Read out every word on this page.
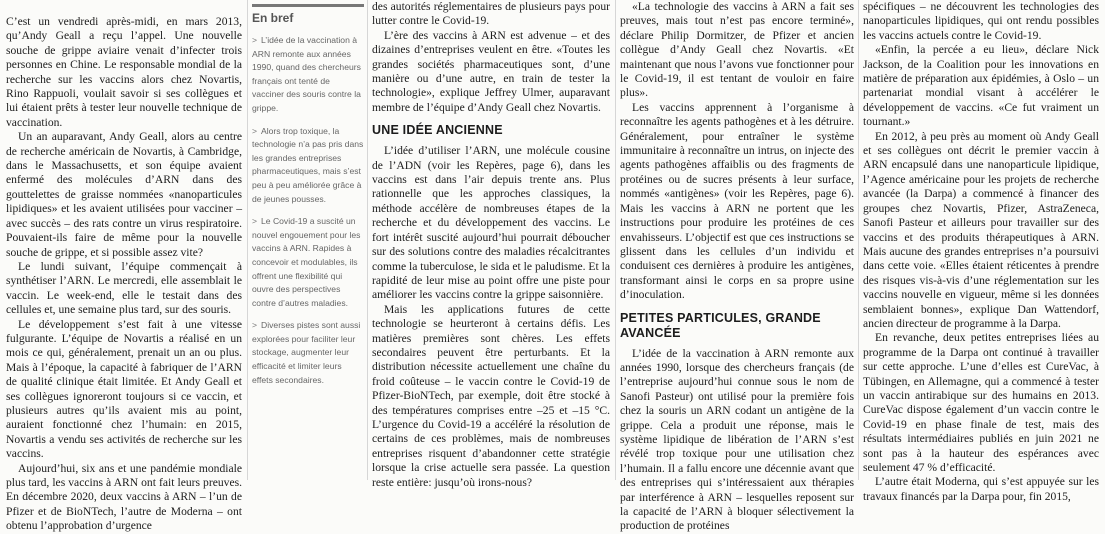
C’est un vendredi après-midi, en mars 2013, qu’Andy Geall a reçu l’appel. Une nouvelle souche de grippe aviaire venait d’infecter trois personnes en Chine. Le responsable mondial de la recherche sur les vaccins alors chez Novartis, Rino Rappuoli, voulait savoir si ses collègues et lui étaient prêts à tester leur nouvelle technique de vaccination.

Un an auparavant, Andy Geall, alors au centre de recherche américain de Novartis, à Cambridge, dans le Massachusetts, et son équipe avaient enfermé des molécules d’ARN dans des gouttelettes de graisse nommées «nanoparticules lipidiques» et les avaient utilisées pour vacciner – avec succès – des rats contre un virus respiratoire. Pouvaient-ils faire de même pour la nouvelle souche de grippe, et si possible assez vite?

Le lundi suivant, l’équipe commençait à synthétiser l’ARN. Le mercredi, elle assemblait le vaccin. Le week-end, elle le testait dans des cellules et, une semaine plus tard, sur des souris.

Le développement s’est fait à une vitesse fulgurante. L’équipe de Novartis a réalisé en un mois ce qui, généralement, prenait un an ou plus. Mais à l’époque, la capacité à fabriquer de l’ARN de qualité clinique était limitée. Et Andy Geall et ses collègues ignoreront toujours si ce vaccin, et plusieurs autres qu’ils avaient mis au point, auraient fonctionné chez l’humain: en 2015, Novartis a vendu ses activités de recherche sur les vaccins.

Aujourd’hui, six ans et une pandémie mondiale plus tard, les vaccins à ARN ont fait leurs preuves. En décembre 2020, deux vaccins à ARN – l’un de Pfizer et de BioNTech, l’autre de Moderna – ont obtenu l’approbation d’urgence

En bref
> L’idée de la vaccination à ARN remonte aux années 1990, quand des chercheurs français ont tenté de vacciner des souris contre la grippe.
> Alors trop toxique, la technologie n’a pas pris dans les grandes entreprises pharmaceutiques, mais s’est peu à peu améliorée grâce à de jeunes pousses.
> Le Covid-19 a suscité un nouvel engouement pour les vaccins à ARN. Rapides à concevoir et modulables, ils offrent une flexibilité qui ouvre des perspectives contre d’autres maladies.
> Diverses pistes sont aussi explorées pour faciliter leur stockage, augmenter leur efficacité et limiter leurs effets secondaires.

des autorités réglementaires de plusieurs pays pour lutter contre le Covid-19.

L’ère des vaccins à ARN est advenue – et des dizaines d’entreprises veulent en être. «Toutes les grandes sociétés pharmaceutiques sont, d’une manière ou d’une autre, en train de tester la technologie», explique Jeffrey Ulmer, auparavant membre de l’équipe d’Andy Geall chez Novartis.

UNE IDÉE ANCIENNE

L’idée d’utiliser l’ARN, une molécule cousine de l’ADN (voir les Repères, page 6), dans les vaccins est dans l’air depuis trente ans. Plus rationnelle que les approches classiques, la méthode accélère de nombreuses étapes de la recherche et du développement des vaccins. Le fort intérêt suscité aujourd’hui pourrait déboucher sur des solutions contre des maladies récalcitrantes comme la tuberculose, le sida et le paludisme. Et la rapidité de leur mise au point offre une piste pour améliorer les vaccins contre la grippe saisonnière.

Mais les applications futures de cette technologie se heurteront à certains défis. Les matières premières sont chères. Les effets secondaires peuvent être perturbants. Et la distribution nécessite actuellement une chaîne du froid coûteuse – le vaccin contre le Covid-19 de Pfizer-BioNTech, par exemple, doit être stocké à des températures comprises entre –25 et –15 °C. L’urgence du Covid-19 a accéléré la résolution de certains de ces problèmes, mais de nombreuses entreprises risquent d’abandonner cette stratégie lorsque la crise actuelle sera passée. La question reste entière: jusqu’où irons-nous?

«La technologie des vaccins à ARN a fait ses preuves, mais tout n’est pas encore terminé», déclare Philip Dormitzer, de Pfizer et ancien collègue d’Andy Geall chez Novartis. «Et maintenant que nous l’avons vue fonctionner pour le Covid-19, il est tentant de vouloir en faire plus».

Les vaccins apprennent à l’organisme à reconnaître les agents pathogènes et à les détruire. Généralement, pour entraîner le système immunitaire à reconnaître un intrus, on injecte des agents pathogènes affaiblis ou des fragments de protéines ou de sucres présents à leur surface, nommés «antigènes» (voir les Repères, page 6). Mais les vaccins à ARN ne portent que les instructions pour produire les protéines de ces envahisseurs. L’objectif est que ces instructions se glissent dans les cellules d’un individu et conduisent ces dernières à produire les antigènes, transformant ainsi le corps en sa propre usine d’inoculation.

PETITES PARTICULES, GRANDE AVANCÉE

L’idée de la vaccination à ARN remonte aux années 1990, lorsque des chercheurs français (de l’entreprise aujourd’hui connue sous le nom de Sanofi Pasteur) ont utilisé pour la première fois chez la souris un ARN codant un antigène de la grippe. Cela a produit une réponse, mais le système lipidique de libération de l’ARN s’est révélé trop toxique pour une utilisation chez l’humain. Il a fallu encore une décennie avant que des entreprises qui s’intéressaient aux thérapies par interférence à ARN – lesquelles reposent sur la capacité de l’ARN à bloquer sélectivement la production de protéines

spécifiques – ne découvrent les technologies des nanoparticules lipidiques, qui ont rendu possibles les vaccins actuels contre le Covid-19.

«Enfin, la percée a eu lieu», déclare Nick Jackson, de la Coalition pour les innovations en matière de préparation aux épidémies, à Oslo – un partenariat mondial visant à accélérer le développement de vaccins. «Ce fut vraiment un tournant.»

En 2012, à peu près au moment où Andy Geall et ses collègues ont décrit le premier vaccin à ARN encapsulé dans une nanoparticule lipidique, l’Agence américaine pour les projets de recherche avancée (la Darpa) a commencé à financer des groupes chez Novartis, Pfizer, AstraZeneca, Sanofi Pasteur et ailleurs pour travailler sur des vaccins et des produits thérapeutiques à ARN. Mais aucune des grandes entreprises n’a poursuivi dans cette voie. «Elles étaient réticentes à prendre des risques vis-à-vis d’une réglementation sur les vaccins nouvelle en vigueur, même si les données semblaient bonnes», explique Dan Wattendorf, ancien directeur de programme à la Darpa.

En revanche, deux petites entreprises liées au programme de la Darpa ont continué à travailler sur cette approche. L’une d’elles est CureVac, à Tübingen, en Allemagne, qui a commencé à tester un vaccin antirabique sur des humains en 2013. CureVac dispose également d’un vaccin contre le Covid-19 en phase finale de test, mais des résultats intermédiaires publiés en juin 2021 ne sont pas à la hauteur des espérances avec seulement 47 % d’efficacité.

L’autre était Moderna, qui s’est appuyée sur les travaux financés par la Darpa pour, fin 2015,
